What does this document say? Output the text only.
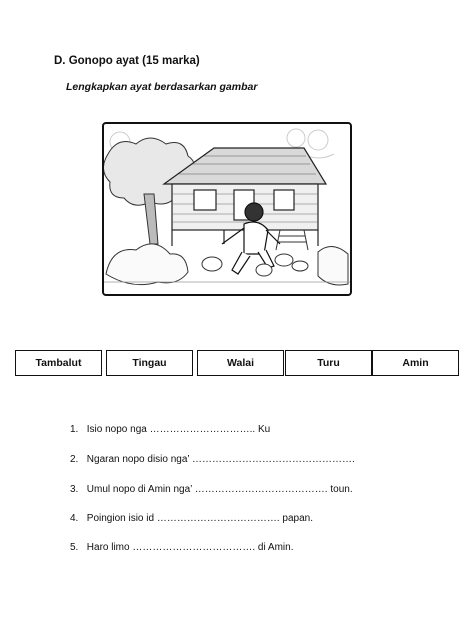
D. Gonopo ayat (15 marka)
Lengkapkan ayat berdasarkan gambar
Tambalut	Tingau	Walai	Turu	Amin
1. Isio nopo nga ………………………….. Ku
2. Ngaran nopo disio nga’ ………………………………………….
3. Umul nopo di Amin nga’ …………………………………. toun.
4. Poingion isio id ………………………………. papan.
5. Haro limo ………………………………. di Amin.
